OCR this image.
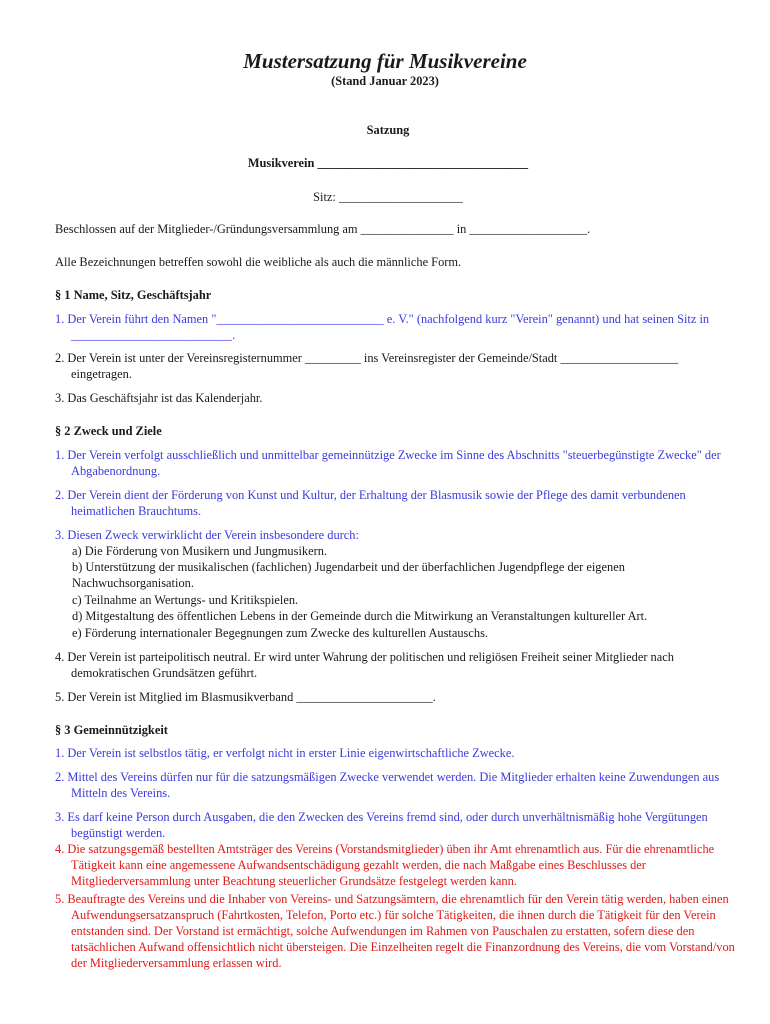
Mustersatzung für Musikvereine
(Stand Januar 2023)
Satzung
Musikverein __________________________________
Sitz: ____________________
Beschlossen auf der Mitglieder-/Gründungsversammlung am _______________ in ___________________.
Alle Bezeichnungen betreffen sowohl die weibliche als auch die männliche Form.
§ 1 Name, Sitz, Geschäftsjahr
1. Der Verein führt den Namen "___________________________ e. V." (nachfolgend kurz "Verein" genannt) und hat seinen Sitz in __________________________.
2. Der Verein ist unter der Vereinsregisternummer _________ ins Vereinsregister der Gemeinde/Stadt ___________________ eingetragen.
3. Das Geschäftsjahr ist das Kalenderjahr.
§ 2 Zweck und Ziele
1. Der Verein verfolgt ausschließlich und unmittelbar gemeinnützige Zwecke im Sinne des Abschnitts "steuerbegünstigte Zwecke" der Abgabenordnung.
2. Der Verein dient der Förderung von Kunst und Kultur, der Erhaltung der Blasmusik sowie der Pflege des damit verbundenen heimatlichen Brauchtums.
3. Diesen Zweck verwirklicht der Verein insbesondere durch:
a) Die Förderung von Musikern und Jungmusikern.
b) Unterstützung der musikalischen (fachlichen) Jugendarbeit und der überfachlichen Jugendpflege der eigenen Nachwuchsorganisation.
c) Teilnahme an Wertungs- und Kritikspielen.
d) Mitgestaltung des öffentlichen Lebens in der Gemeinde durch die Mitwirkung an Veranstaltungen kultureller Art.
e) Förderung internationaler Begegnungen zum Zwecke des kulturellen Austauschs.
4. Der Verein ist parteipolitisch neutral. Er wird unter Wahrung der politischen und religiösen Freiheit seiner Mitglieder nach demokratischen Grundsätzen geführt.
5. Der Verein ist Mitglied im Blasmusikverband ______________________.
§ 3 Gemeinnützigkeit
1. Der Verein ist selbstlos tätig, er verfolgt nicht in erster Linie eigenwirtschaftliche Zwecke.
2. Mittel des Vereins dürfen nur für die satzungsmäßigen Zwecke verwendet werden. Die Mitglieder erhalten keine Zuwendungen aus Mitteln des Vereins.
3. Es darf keine Person durch Ausgaben, die den Zwecken des Vereins fremd sind, oder durch unverhältnismäßig hohe Vergütungen begünstigt werden.
4. Die satzungsgemäß bestellten Amtsträger des Vereins (Vorstandsmitglieder) üben ihr Amt ehrenamtlich aus. Für die ehrenamtliche Tätigkeit kann eine angemessene Aufwandsentschädigung gezahlt werden, die nach Maßgabe eines Beschlusses der Mitgliederversammlung unter Beachtung steuerlicher Grundsätze festgelegt werden kann.
5. Beauftragte des Vereins und die Inhaber von Vereins- und Satzungsämtern, die ehrenamtlich für den Verein tätig werden, haben einen Aufwendungsersatzanspruch (Fahrtkosten, Telefon, Porto etc.) für solche Tätigkeiten, die ihnen durch die Tätigkeit für den Verein entstanden sind. Der Vorstand ist ermächtigt, solche Aufwendungen im Rahmen von Pauschalen zu erstatten, sofern diese den tatsächlichen Aufwand offensichtlich nicht übersteigen. Die Einzelheiten regelt die Finanzordnung des Vereins, die vom Vorstand/von der Mitgliederversammlung erlassen wird.
